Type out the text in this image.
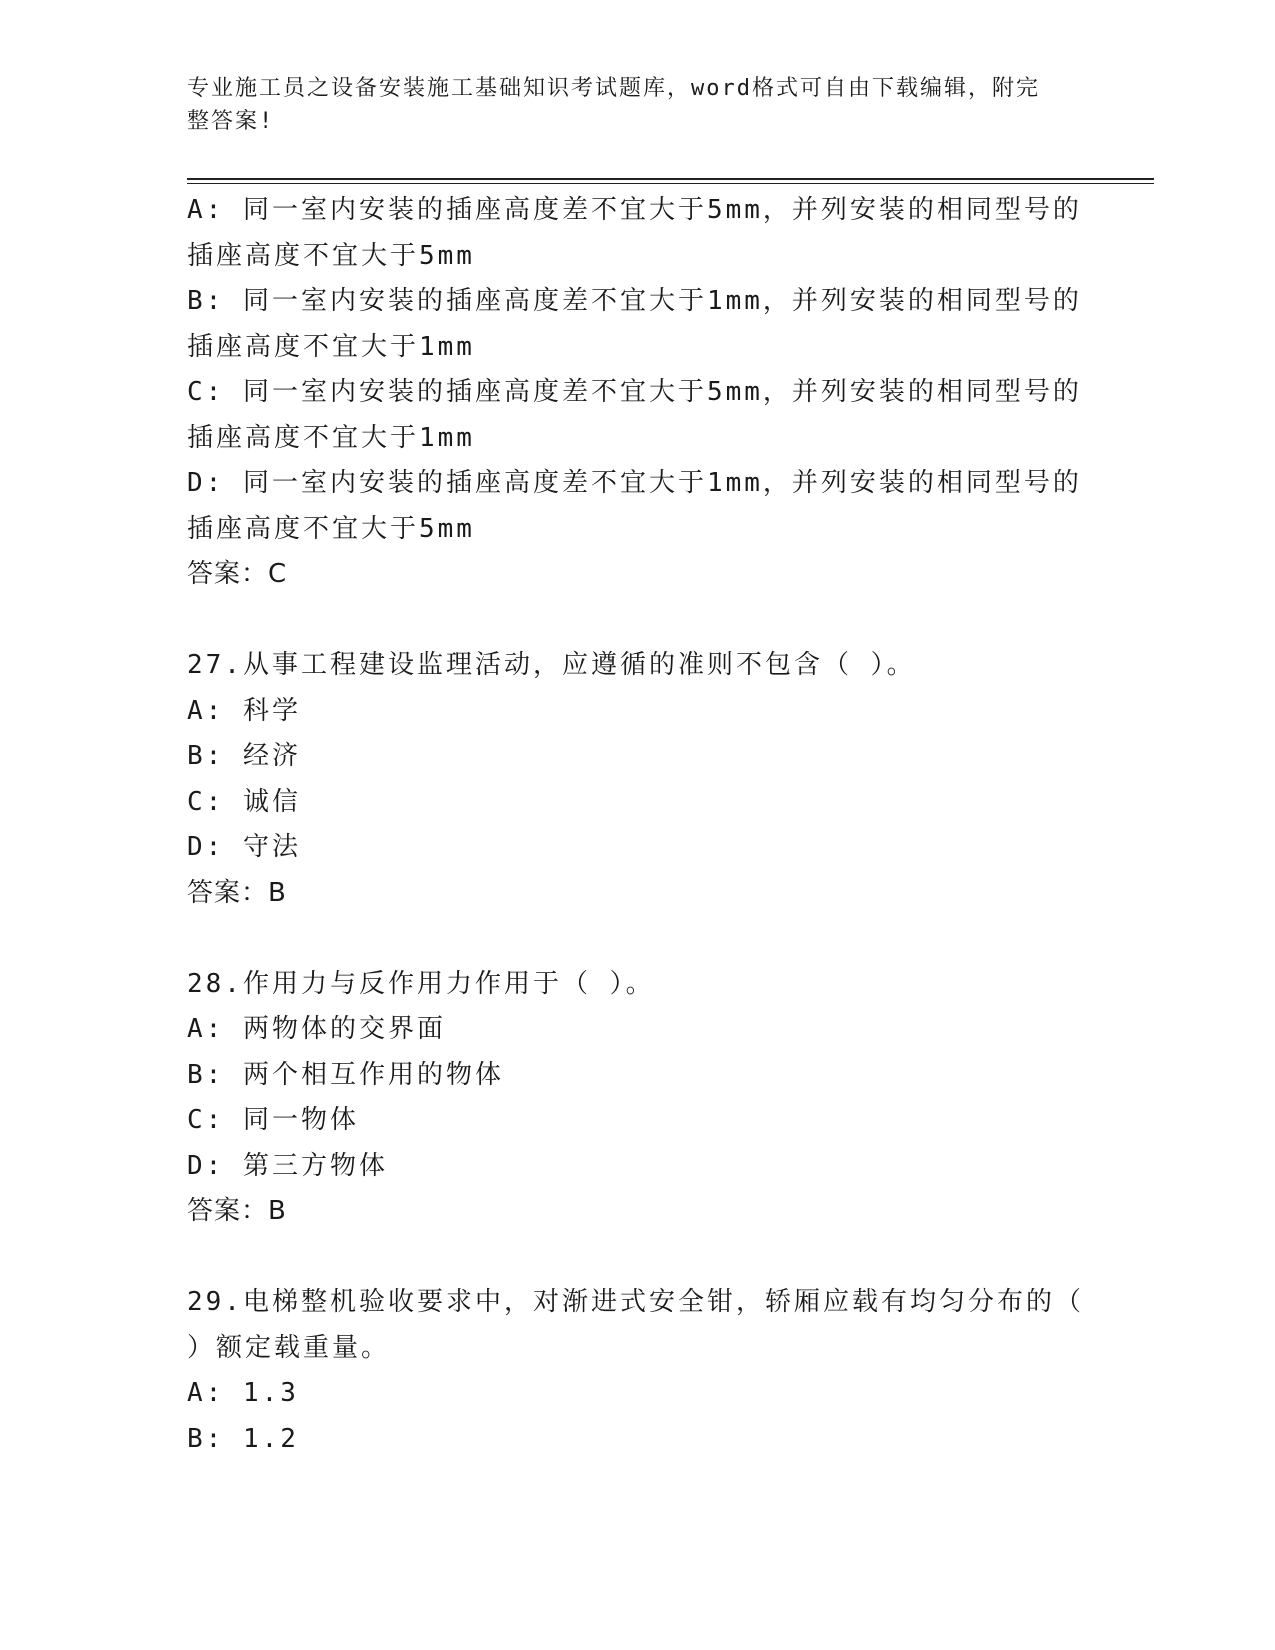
专业施工员之设备安装施工基础知识考试题库，word格式可自由下载编辑，附完
整答案!

A: 同一室内安装的插座高度差不宜大于5mm，并列安装的相同型号的

插座高度不宜大于5mm

B: 同一室内安装的插座高度差不宜大于1mm，并列安装的相同型号的

插座高度不宜大于1mm

C: 同一室内安装的插座高度差不宜大于5mm，并列安装的相同型号的

插座高度不宜大于1mm

D: 同一室内安装的插座高度差不宜大于1mm，并列安装的相同型号的

插座高度不宜大于5mm

答案：C

27.从事工程建设监理活动，应遵循的准则不包含（ ）。

A: 科学

B: 经济

C: 诚信

D: 守法

答案：B

28.作用力与反作用力作用于（ ）。

A: 两物体的交界面

B: 两个相互作用的物体

C: 同一物体

D: 第三方物体

答案：B

29.电梯整机验收要求中，对渐进式安全钳，轿厢应载有均匀分布的（

）额定载重量。

A: 1.3

B: 1.2
